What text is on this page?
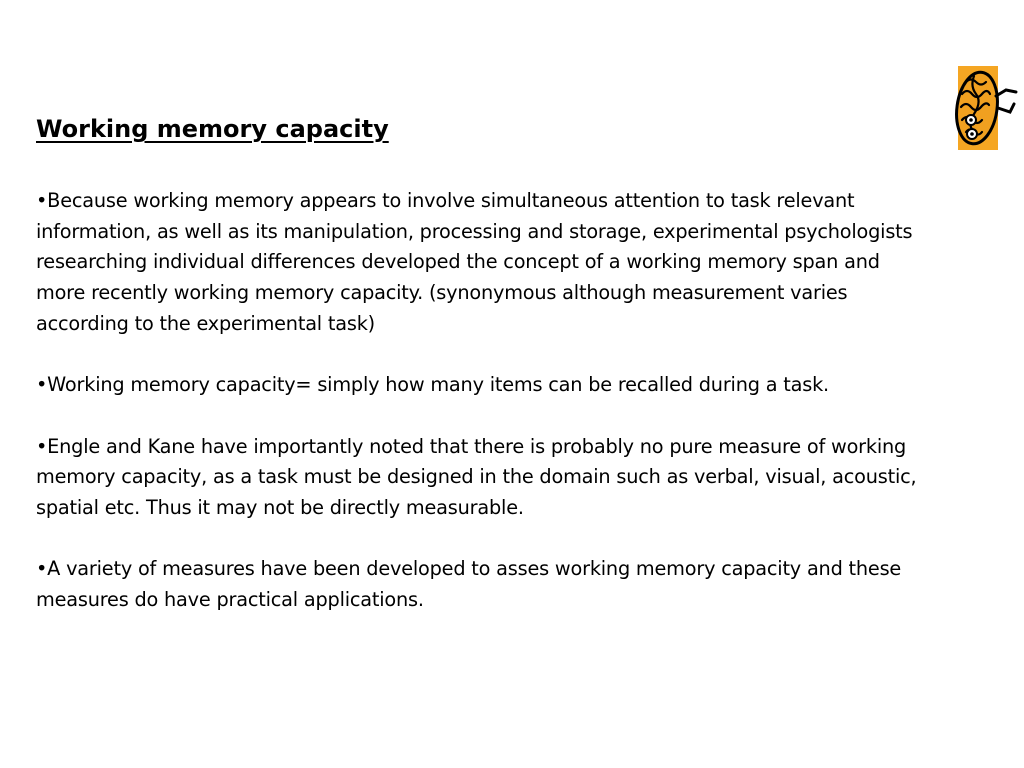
Working memory capacity
•Because working memory appears to involve simultaneous attention to task relevant information, as well as its manipulation, processing and storage, experimental psychologists researching individual differences developed the concept of a working memory span and more recently working memory capacity. (synonymous although measurement varies according to the experimental task)
•Working memory capacity= simply how many items can be recalled during a task.
•Engle and Kane have importantly noted that there is probably no pure measure of working memory capacity, as a task must be designed in the domain such as verbal, visual, acoustic, spatial etc. Thus it may not be directly measurable.
•A variety of measures have been developed to asses working memory capacity and these measures do have practical applications.
